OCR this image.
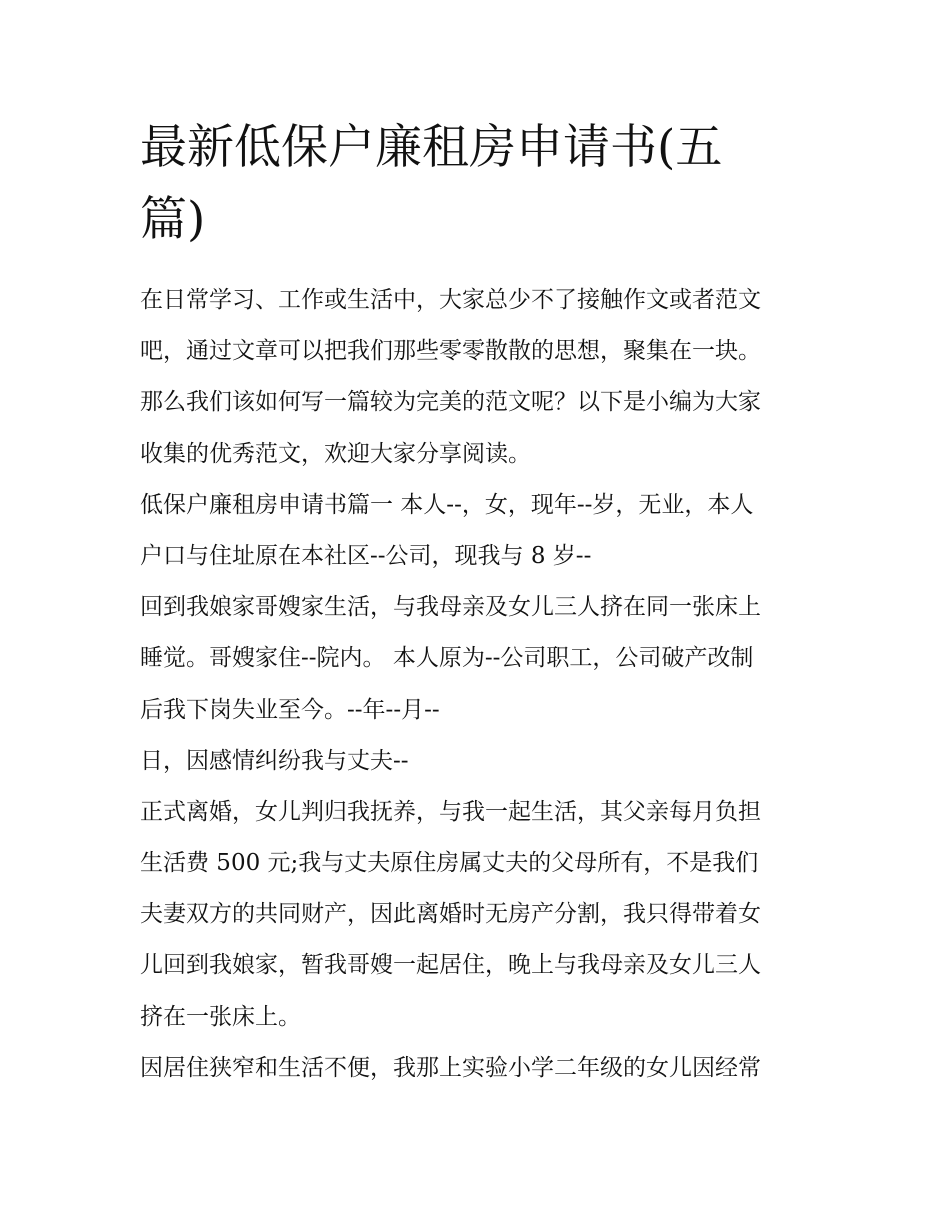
最新低保户廉租房申请书(五
篇)

在日常学习、工作或生活中，大家总少不了接触作文或者范文

吧，通过文章可以把我们那些零零散散的思想，聚集在一块。

那么我们该如何写一篇较为完美的范文呢？以下是小编为大家

收集的优秀范文，欢迎大家分享阅读。

低保户廉租房申请书篇一 本人--，女，现年--岁，无业，本人

户口与住址原在本社区--公司，现我与 8 岁--

回到我娘家哥嫂家生活，与我母亲及女儿三人挤在同一张床上

睡觉。哥嫂家住--院内。 本人原为--公司职工，公司破产改制

后我下岗失业至今。--年--月--

日，因感情纠纷我与丈夫--

正式离婚，女儿判归我抚养，与我一起生活，其父亲每月负担

生活费 500 元;我与丈夫原住房属丈夫的父母所有，不是我们

夫妻双方的共同财产，因此离婚时无房产分割，我只得带着女

儿回到我娘家，暂我哥嫂一起居住，晚上与我母亲及女儿三人

挤在一张床上。

因居住狭窄和生活不便，我那上实验小学二年级的女儿因经常
